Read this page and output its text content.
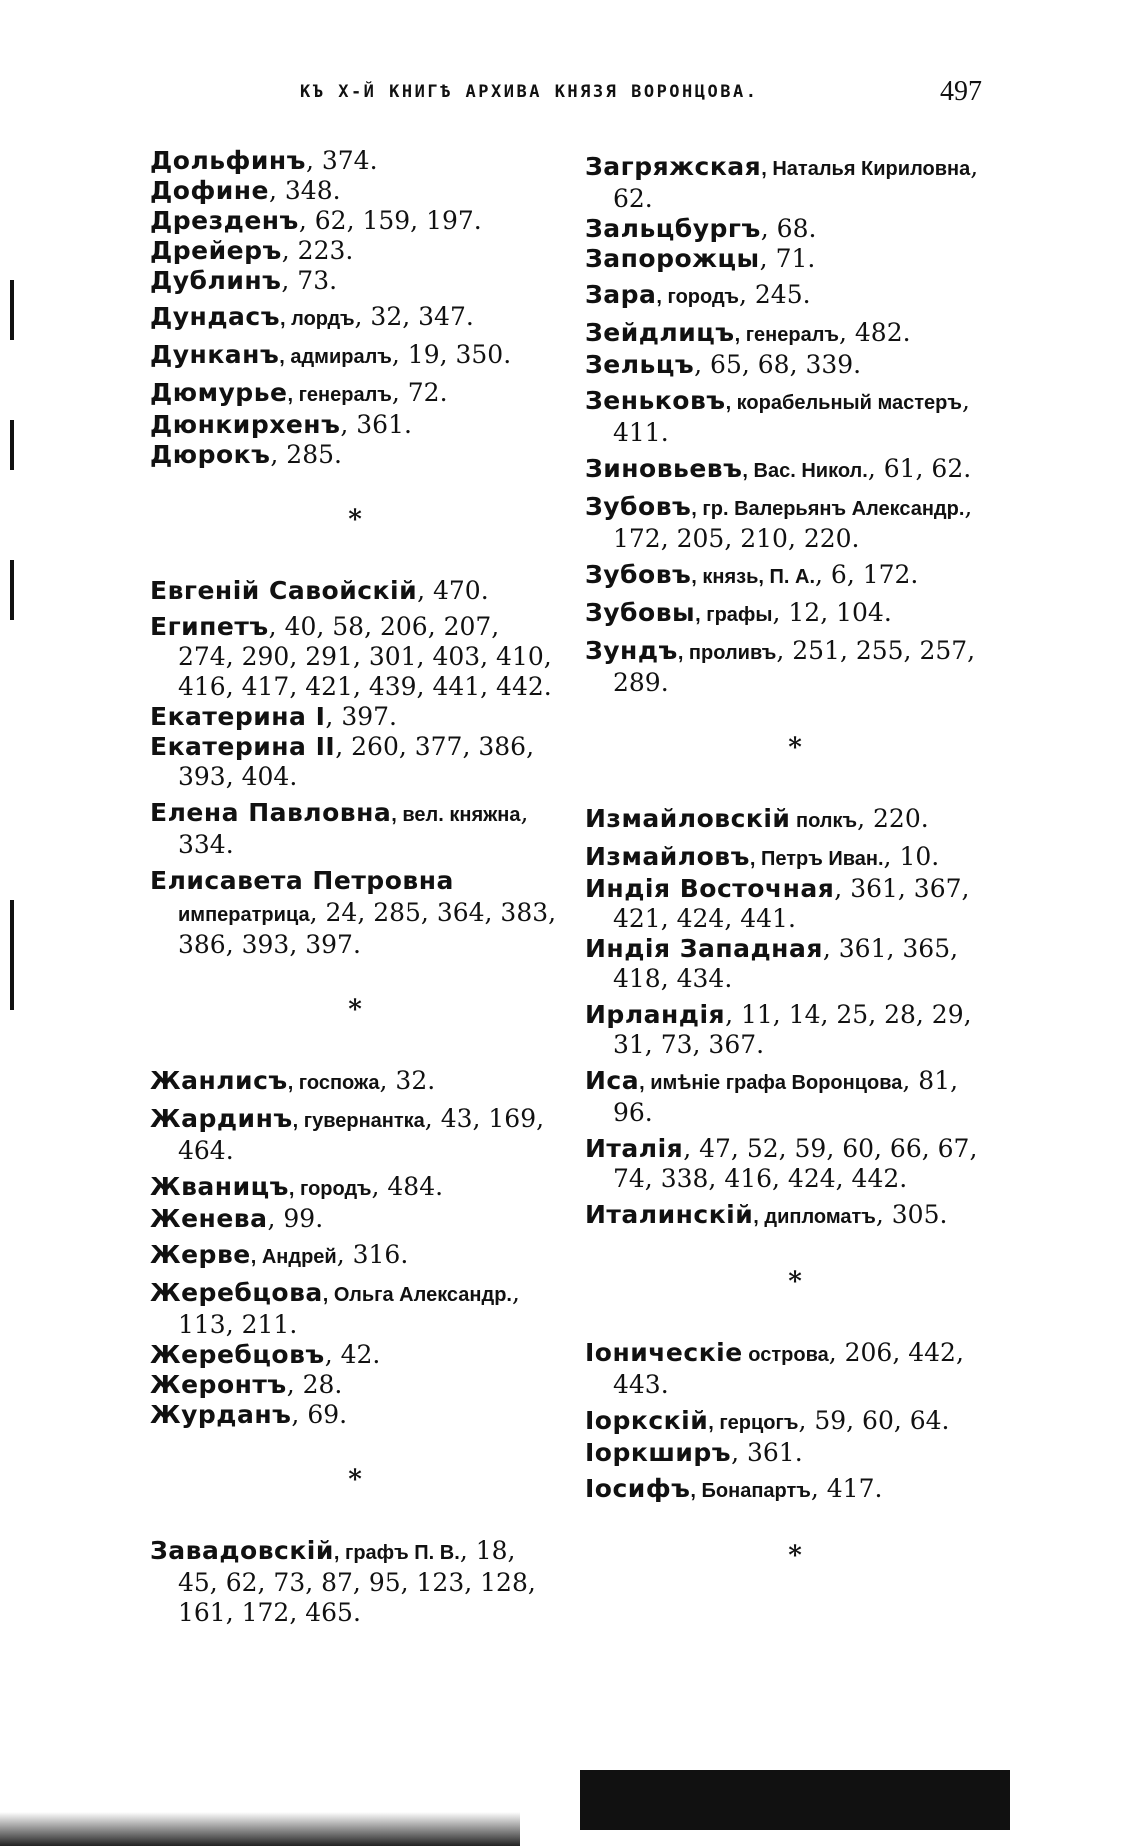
КЪ Х-Й КНИГѢ АРХИВА КНЯЗЯ ВОРОНЦОВА.	497
Дольфинъ, 374.
Дофине, 348.
Дрезденъ, 62, 159, 197.
Дрейеръ, 223.
Дублинъ, 73.
Дундасъ, лордъ, 32, 347.
Дунканъ, адмиралъ, 19, 350.
Дюмурье, генералъ, 72.
Дюнкирхенъ, 361.
Дюрокъ, 285.
*
Евгеній Савойскій, 470.
Египетъ, 40, 58, 206, 207, 274, 290, 291, 301, 403, 410, 416, 417, 421, 439, 441, 442.
Екатерина I, 397.
Екатерина II, 260, 377, 386, 393, 404.
Елена Павловна, вел. княжна, 334.
Елисавета Петровна императрица, 24, 285, 364, 383, 386, 393, 397.
*
Жанлисъ, госпожа, 32.
Жардинъ, гувернантка, 43, 169, 464.
Жваницъ, городъ, 484.
Женева, 99.
Жерве, Андрей, 316.
Жеребцова, Ольга Александр., 113, 211.
Жеребцовъ, 42.
Жеронтъ, 28.
Журданъ, 69.
*
Завадовскій, графъ П. В., 18, 45, 62, 73, 87, 95, 123, 128, 161, 172, 465.
Загряжская, Наталья Кириловна, 62.
Зальцбургъ, 68.
Запорожцы, 71.
Зара, городъ, 245.
Зейдлицъ, генералъ, 482.
Зельцъ, 65, 68, 339.
Зеньковъ, корабельный мастеръ, 411.
Зиновьевъ, Вас. Никол., 61, 62.
Зубовъ, гр. Валерьянъ Александр., 172, 205, 210, 220.
Зубовъ, князь, П. А., 6, 172.
Зубовы, графы, 12, 104.
Зундъ, проливъ, 251, 255, 257, 289.
*
Измайловскій полкъ, 220.
Измайловъ, Петръ Иван., 10.
Индія Восточная, 361, 367, 421, 424, 441.
Индія Западная, 361, 365, 418, 434.
Ирландія, 11, 14, 25, 28, 29, 31, 73, 367.
Иса, имѣніе графа Воронцова, 81, 96.
Италія, 47, 52, 59, 60, 66, 67, 74, 338, 416, 424, 442.
Италинскій, дипломатъ, 305.
*
Іоническіе острова, 206, 442, 443.
Іоркскій, герцогъ, 59, 60, 64.
Іоркширъ, 361.
Іосифъ, Бонапартъ, 417.
*
